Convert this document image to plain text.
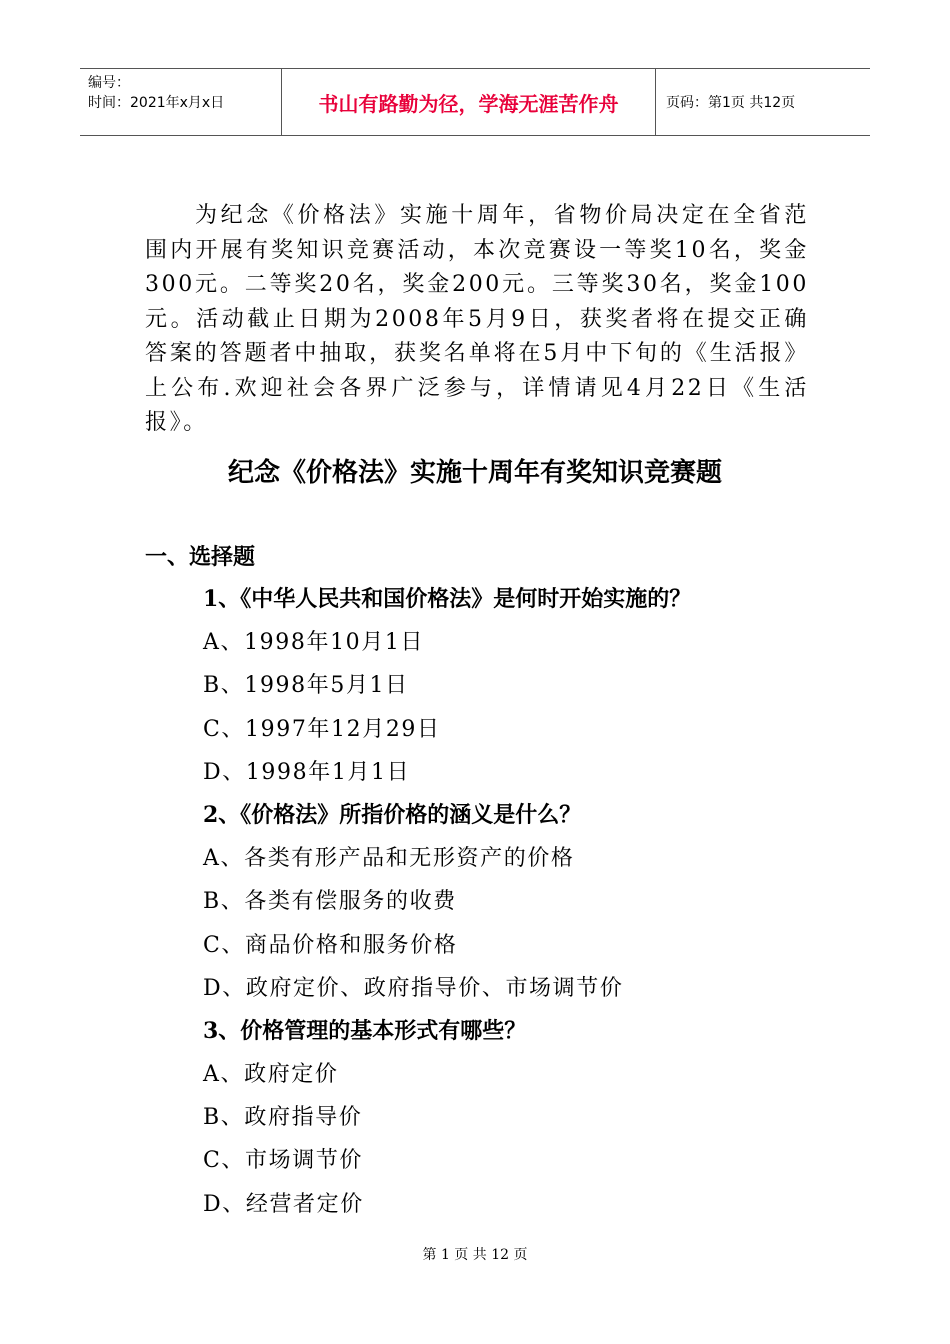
编号：
时间：2021年x月x日	书山有路勤为径，学海无涯苦作舟	页码：第1页 共12页

为纪念《价格法》实施十周年，省物价局决定在全省范围内开展有奖知识竞赛活动，本次竞赛设一等奖10名，奖金300元。二等奖20名，奖金200元。三等奖30名，奖金100元。活动截止日期为2008年5月9日，获奖者将在提交正确答案的答题者中抽取，获奖名单将在5月中下旬的《生活报》上公布.欢迎社会各界广泛参与，详情请见4月22日《生活报》。

纪念《价格法》实施十周年有奖知识竞赛题
一、选择题
1、《中华人民共和国价格法》是何时开始实施的？
A、1998年10月1日
B、1998年5月1日
C、1997年12月29日
D、1998年1月1日
2、《价格法》所指价格的涵义是什么？
A、各类有形产品和无形资产的价格
B、各类有偿服务的收费
C、商品价格和服务价格
D、政府定价、政府指导价、市场调节价
3、价格管理的基本形式有哪些？
A、政府定价
B、政府指导价
C、市场调节价
D、经营者定价
第 1 页 共 12 页
